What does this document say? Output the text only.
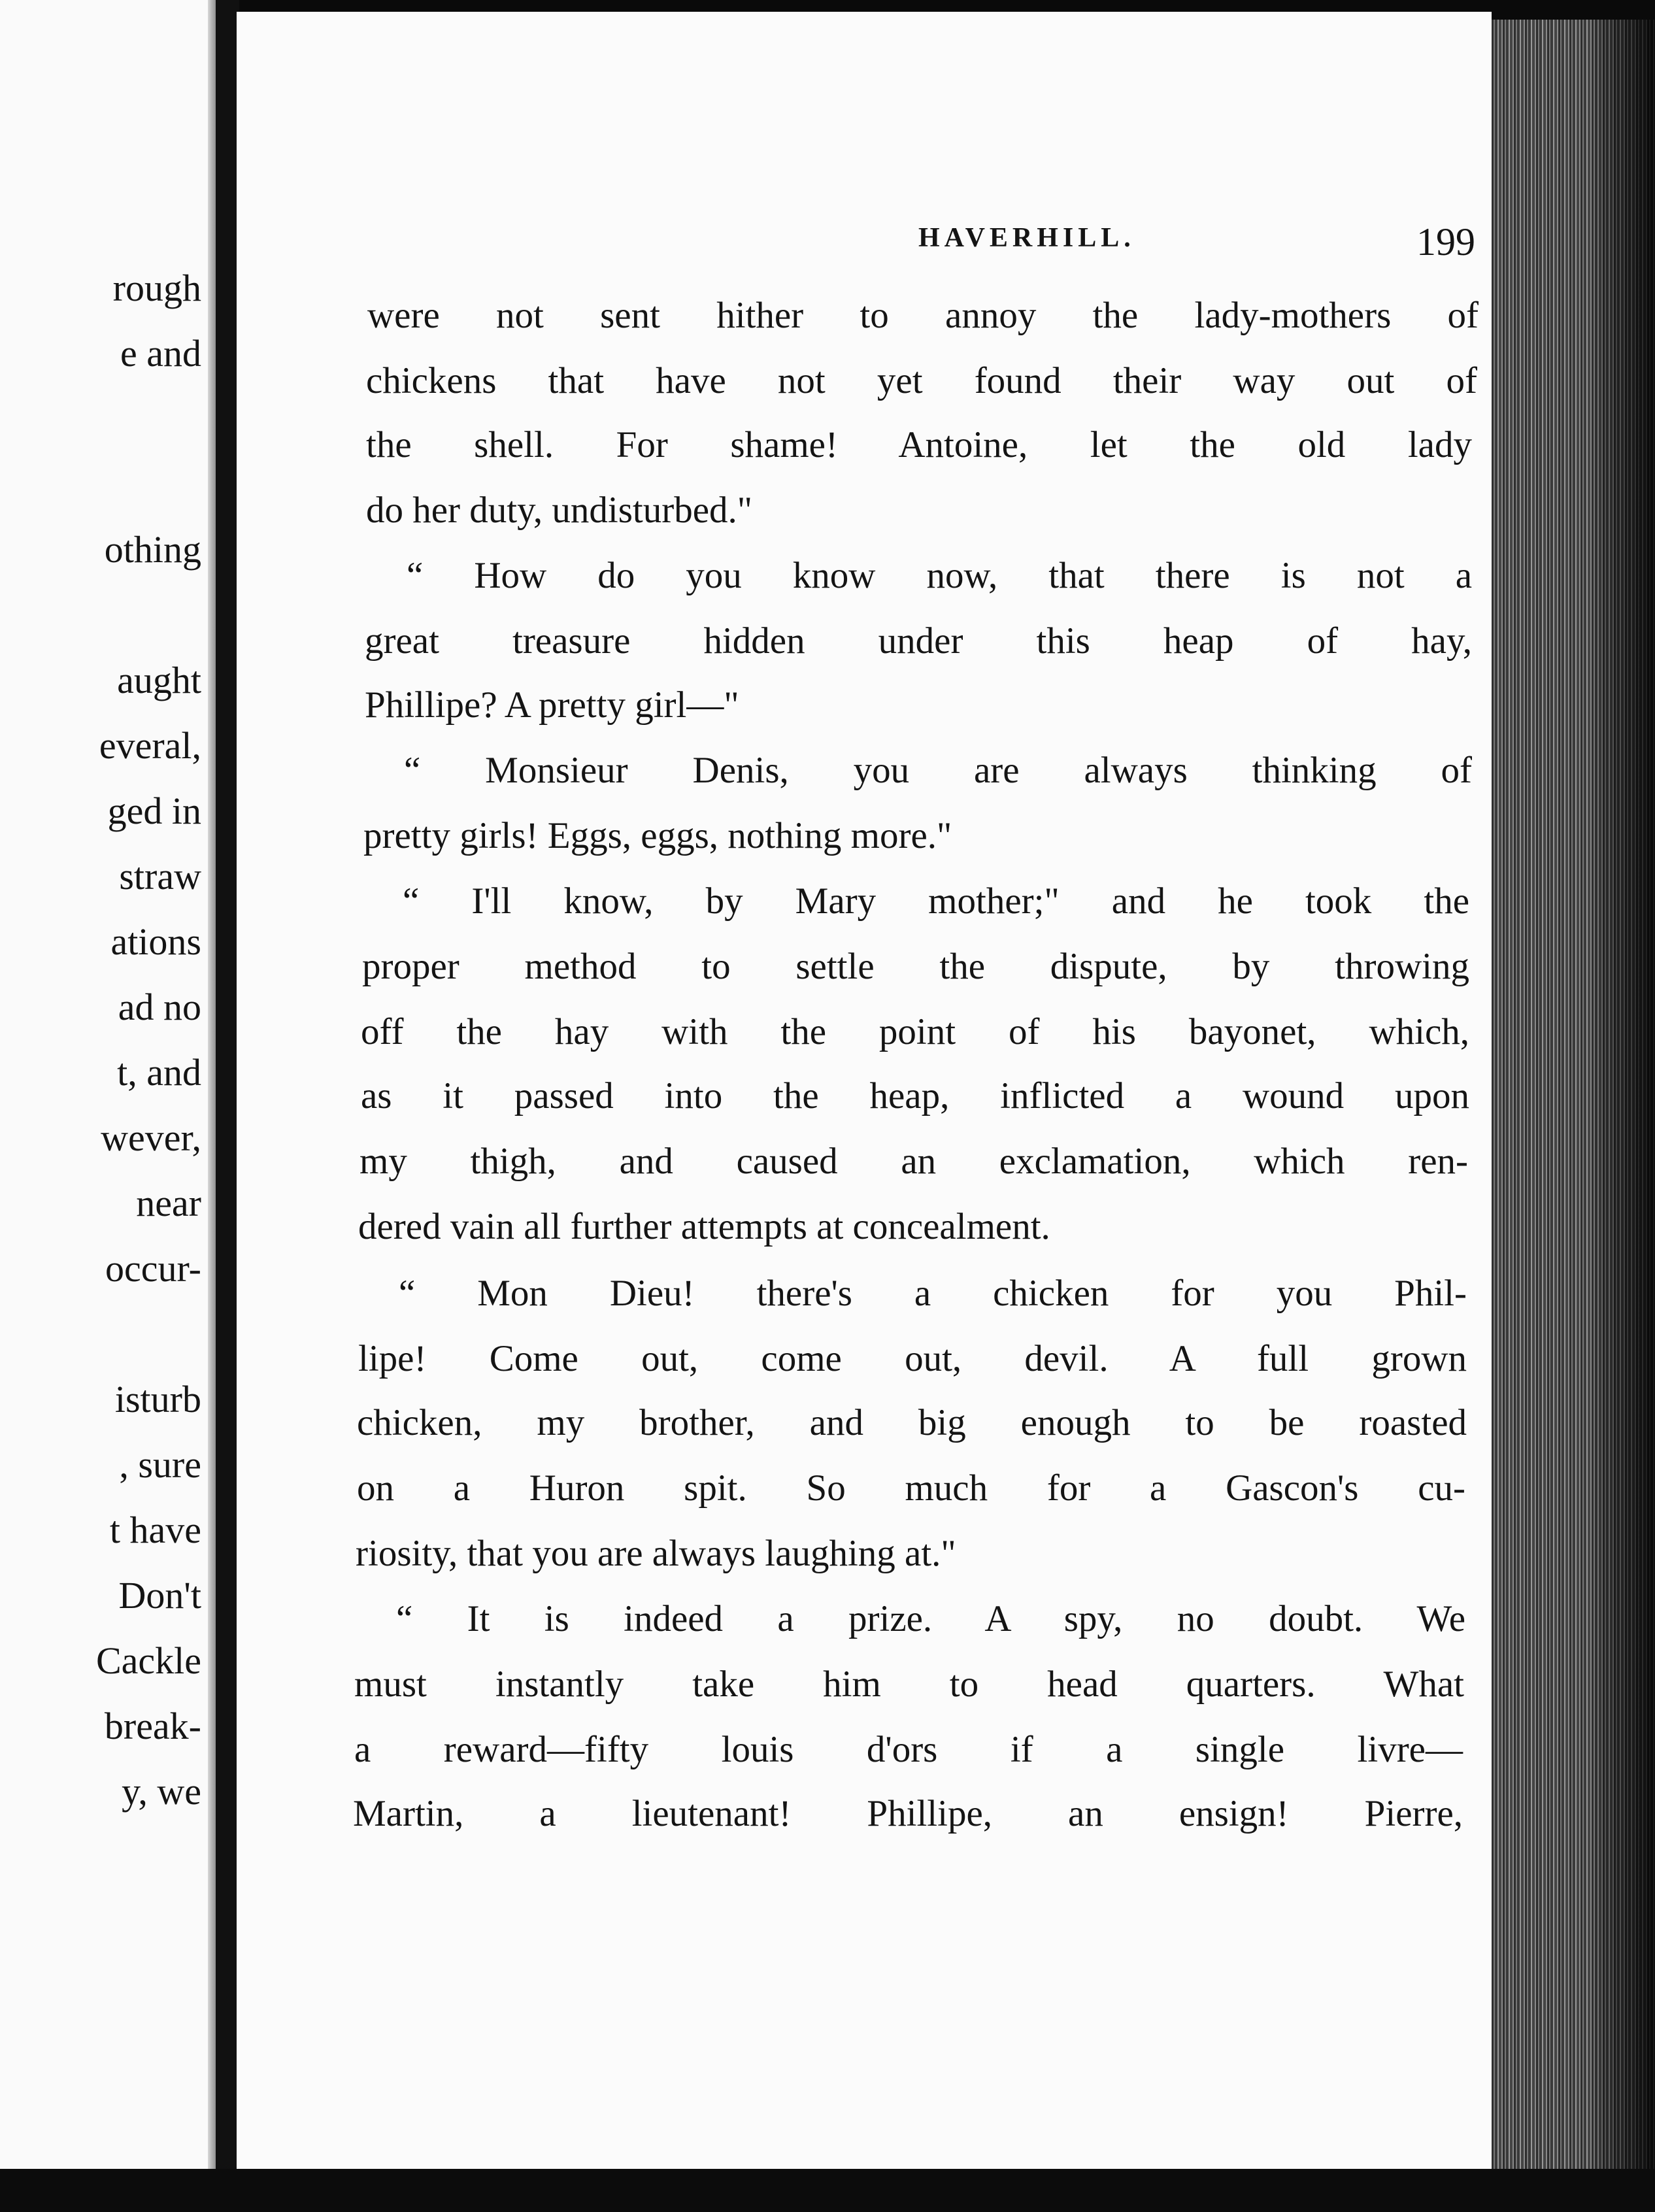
rough
e and
othing
aught
everal,
ged in
straw
ations
ad no
t, and
wever,
near
occur-
isturb
, sure
t have
Don't
Cackle
break-
y, we
HAVERHILL.	199
were not sent hither to annoy the lady-mothers of
chickens that have not yet found their way out of
the shell. For shame! Antoine, let the old lady
do her duty, undisturbed."
“ How do you know now, that there is not a
great treasure hidden under this heap of hay,
Phillipe? A pretty girl—"
“ Monsieur Denis, you are always thinking of
pretty girls! Eggs, eggs, nothing more."
“ I'll know, by Mary mother;" and he took the
proper method to settle the dispute, by throwing
off the hay with the point of his bayonet, which,
as it passed into the heap, inflicted a wound upon
my thigh, and caused an exclamation, which ren-
dered vain all further attempts at concealment.
“ Mon Dieu! there's a chicken for you Phil-
lipe! Come out, come out, devil. A full grown
chicken, my brother, and big enough to be roasted
on a Huron spit. So much for a Gascon's cu-
riosity, that you are always laughing at."
“ It is indeed a prize. A spy, no doubt. We
must instantly take him to head quarters. What
a reward—fifty louis d'ors if a single livre—
Martin, a lieutenant! Phillipe, an ensign! Pierre,
